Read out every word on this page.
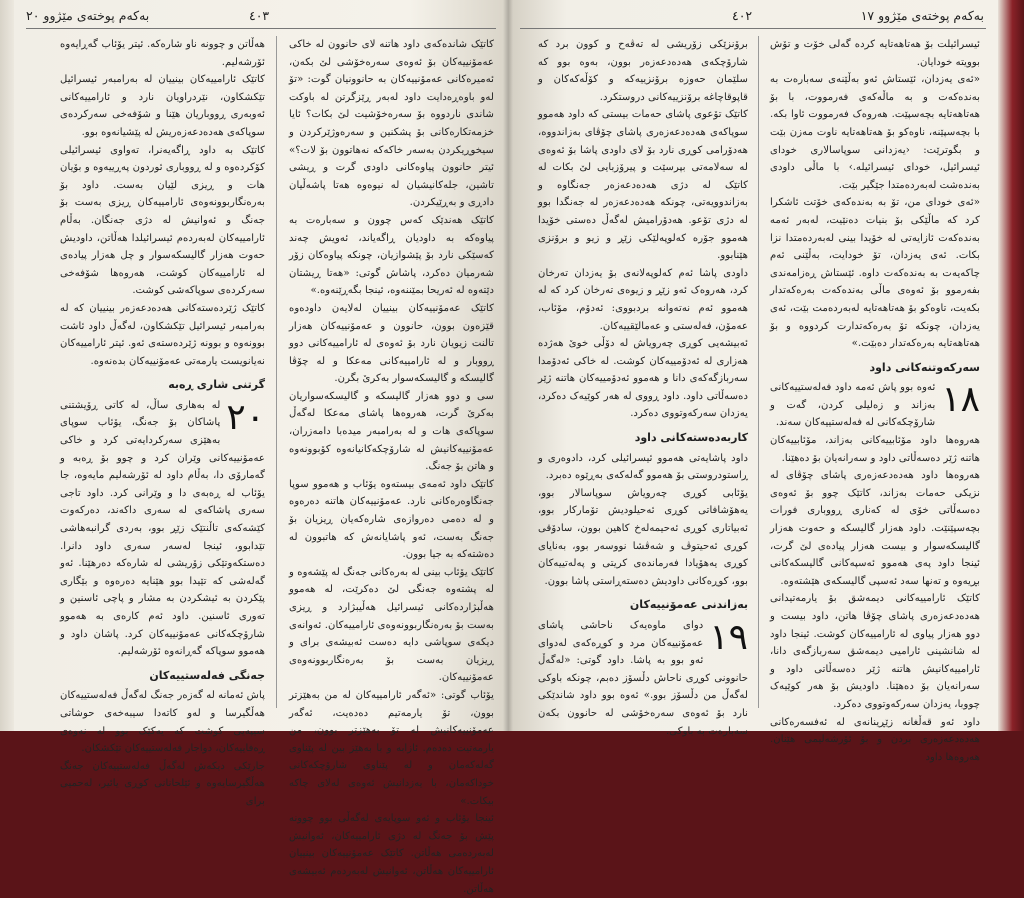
بەکەم پوختەی مێژوو ٢٠	٤٠٣

کاتێک شاندەکەی داود هاتنە لای حانوون لە خاکی عەمۆنییەکان بۆ ئەوەی سەرەخۆشی لێ بکەن، ئەمیرەکانی عەمۆنییەکان بە حانوونیان گوت: «تۆ لەو باوەڕەدایت داود لەبەر ڕێزگرتن لە باوکت شاندی ناردووە بۆ سەرەخۆشیت لێ بکات؟ ئایا خزمەتکارەکانی بۆ پشکنین و سەرەوژێرکردن و سیخوڕیکردن بەسەر خاکەکە نەهاتوون بۆ لات؟» ئیتر حانوون پیاوەکانی داودی گرت و ڕیشی تاشین، جلەکانیشیان لە نیوەوە هەتا پاشەڵیان دادڕی و بەڕێیکردن.

کاتێک هەندێک کەس چوون و سەبارەت بە پیاوەکە بە داودیان ڕاگەیاند، ئەویش چەند کەسێکی نارد بۆ پێشوازیان، چونکە پیاوەکان زۆر شەرمیان دەکرد، پاشاش گوتی: «هەتا ڕیشتان دێتەوە لە ئەریحا بمێننەوە، ئینجا بگەڕێنەوە.»

کاتێک عەمۆنییەکان بینییان لەلایەن داودەوە قێزەون بوون، حانوون و عەمۆنییەکان هەزار تالنت زیویان نارد بۆ ئەوەی لە ئارامییەکانی دوو ڕووبار و لە ئارامییەکانی مەعکا و لە چۆڤا گالیسکە و گالیسکەسوار بەکرێ بگرن.

سی و دوو هەزار گالیسکە و گالیسکەسواریان بەکرێ گرت، هەروەها پاشای مەعکا لەگەڵ سوپاکەی هات و لە بەرامبەر میدەبا دامەزران، عەمۆنییەکانیش لە شارۆچکەکانیانەوە کۆبوونەوە و هاتن بۆ جەنگ.

کاتێک داود ئەمەی بیستەوە یۆئاب و هەموو سوپا جەنگاوەرەکانی نارد. عەمۆنییەکان هاتنە دەرەوە و لە دەمی دەروازەی شارەکەیان ڕیزیان بۆ جەنگ بەست، ئەو پاشایانەش کە هاتبوون لە دەشتەکە بە جیا بوون.

کاتێک یۆئاب بینی لە بەرەکانی جەنگ لە پێشەوە و لە پشتەوە جەنگی لێ دەکرێت، لە هەموو هەڵبژاردەکانی ئیسرائیل هەڵیبژارد و ڕیزی بەست بۆ بەرەنگاربوونەوەی ئارامییەکان. ئەوانەی دیکەی سوپاشی دایە دەست ئەبیشەی برای و ڕیزیان بەست بۆ بەرەنگاربوونەوەی عەمۆنییەکان.

یۆئاب گوتی: «ئەگەر ئارامییەکان لە من بەهێزتر بوون، تۆ یارمەتیم دەدەیت، ئەگەر عەمۆنییەکانیش لە تۆ بەهێزتر بوون، من یارمەتیت دەدەم. ئازابە و با بەهێز بین لە پێناوی گەلەکەمان و لە پێناوی شارۆچکەکانی خوداکەمان، با یەزدانیش ئەوەی لەلای چاکە بیکات.»

ئینجا یۆئاب و ئەو سوپایەی لەگەڵی بوو چوونە پێش بۆ جەنگ لە دژی ئارامییەکان، ئەوانیش لەبەردەمی هەڵاتن. کاتێک عەمۆنییەکان بینییان ئارامییەکان هەڵاتن، ئەوانیش لەبەردەم ئەبیشەی هەڵاتن.

هەڵاتن و چوونە ناو شارەکە. ئیتر یۆئاب گەڕایەوە ئۆرشەلیم.

کاتێک ئارامییەکان بینییان لە بەرامبەر ئیسرائیل تێکشکاون، نێردراویان نارد و ئارامییەکانی ئەوبەری ڕووباریان هێنا و شۆفەخی سەرکردەی سوپاکەی هەدەدعەزەریش لە پێشیانەوە بوو.

کاتێک بە داود ڕاگەیەنرا، تەواوی ئیسرائیلی کۆکردەوە و لە ڕووباری ئوردون پەڕییەوە و بۆیان هات و ڕیزی لێیان بەست. داود بۆ بەرەنگاربوونەوەی ئارامییەکان ڕیزی بەست بۆ جەنگ و ئەوانیش لە دژی جەنگان. بەڵام ئارامییەکان لەبەردەم ئیسرائیلدا هەڵاتن، داودیش حەوت هەزار گالیسکەسوار و چل هەزار پیادەی لە ئارامییەکان کوشت، هەروەها شۆفەخی سەرکردەی سوپاکەشی کوشت.

کاتێک ژێردەستەکانی هەدەدعەزەر بینییان کە لە بەرامبەر ئیسرائیل تێکشکاون، لەگەڵ داود ئاشت بوونەوە و بوونە ژێردەستەی ئەو. ئیتر ئارامییەکان نەیانویست یارمەتی عەمۆنییەکان بدەنەوە.

گرتنی شاری ڕەبە

٢٠
لە بەهاری ساڵ، لە کاتی ڕۆیشتنی پاشاکان بۆ جەنگ، یۆئاب سوپای بەهێزی سەرکردایەتی کرد و خاکی عەمۆنییەکانی وێران کرد و چوو بۆ ڕەبە و گەمارۆی دا، بەڵام داود لە ئۆرشەلیم مایەوە، جا یۆئاب لە ڕەبەی دا و وێرانی کرد. داود تاجی سەری پاشاکەی لە سەری داکەند، دەرکەوت کێشەکەی تاڵنتێک زێڕ بوو، بەردی گرانبەهاشی تێدابوو، ئینجا لەسەر سەری داود دانرا. دەستکەوتێکی زۆریشی لە شارەکە دەرهێنا. ئەو گەلەشی کە تێیدا بوو هێنایە دەرەوە و بێگاری پێکردن بە ئیشکردن بە مشار و پاچی ئاسنین و تەوری ئاسنین. داود ئەم کارەی بە هەموو شارۆچکەکانی عەمۆنییەکان کرد. پاشان داود و هەموو سوپاکە گەڕانەوە ئۆرشەلیم.

جەنگی فەلەستییەکان

پاش ئەمانە لە گەزەر جەنگ لەگەڵ فەلەستییەکان هەڵگیرسا و لەو کاتەدا سیبەخەی حوشاتی سیپەیی کوشت کە یەکێک بوو لە نەوەی ڕەفاییەکان، دواجار فەلەستییەکان تێکشکان.

جارێکی دیکەش لەگەڵ فەلەستییەکان جەنگ هەڵگیرسایەوە و ئێلحانانی کوڕی یائیر، لەحمیی برای

٤٠٢	بەکەم پوختەی مێژوو ١٧

ئیسرائیلت بۆ هەتاهەتایە کردە گەلی خۆت و تۆش بوویتە خودایان.

«ئەی یەزدان، ئێستاش ئەو بەڵێنەی سەبارەت بە بەندەکەت و بە ماڵەکەی فەرمووت، با بۆ هەتاهەتایە بچەسپێت. هەروەک فەرمووت ئاوا بکە. با بچەسپێنە، ناوەکو بۆ هەتاهەتایە ناوت مەزن بێت و بگوترێت: ‹یەزدانی سوپاسالاری خودای ئیسرائیل، خودای ئیسرائیلە.› با ماڵی داودی بەندەشت لەبەردەمتدا جێگیر بێت.

«ئەی خودای من، تۆ بە بەندەکەی خۆتت ئاشکرا کرد کە ماڵێکی بۆ بنیات دەنێیت، لەبەر ئەمە بەندەکەت ئازایەتی لە خۆیدا بینی لەبەردەمتدا نزا بکات. ئەی یەزدان، تۆ خودایت، بەڵێنی ئەم چاکەیەت بە بەندەکەت داوە. ئێستاش ڕەزامەندی بفەرموو بۆ ئەوەی ماڵی بەندەکەت بەرەکەتدار بکەیت، تاوەکو بۆ هەتاهەتایە لەبەردەمت بێت، ئەی یەزدان، چونکە تۆ بەرەکەتدارت کردووە و بۆ هەتاهەتایە بەرەکەتدار دەبێت.»

سەرکەوتنەکانی داود

١٨
ئەوە بوو پاش ئەمە داود فەلەستییەکانی بەزاند و زەلیلی کردن، گەت و شارۆچکەکانی لە فەلەستییەکان سەند.

هەروەها داود مۆئابییەکانی بەزاند، مۆئابییەکان هاتنە ژێر دەسەڵاتی داود و سەرانەیان بۆ دەهێنا.

هەروەها داود هەدەدعەزەری پاشای چۆڤای لە نزیکی حەمات بەزاند، کاتێک چوو بۆ ئەوەی دەسەڵاتی خۆی لە کەناری ڕووباری فورات بچەسپێنێت. داود هەزار گالیسکە و حەوت هەزار گالیسکەسوار و بیست هەزار پیادەی لێ گرت، ئینجا داود پەی هەموو ئەسپەکانی گالیسکەکانی بڕیەوە و تەنها سەد ئەسپی گالیسکەی هێشتەوە.

کاتێک ئارامییەکانی دیمەشق بۆ یارمەتیدانی هەدەدعەزەری پاشای چۆڤا هاتن، داود بیست و دوو هەزار پیاوی لە ئارامییەکان کوشت. ئینجا داود لە شانشینی ئارامیی دیمەشق سەربازگەی دانا، ئارامییەکانیش هاتنە ژێر دەسەڵاتی داود و سەرانەیان بۆ دەهێنا. داودیش بۆ هەر کوێیەک چووبا، یەزدان سەرکەوتووی دەکرد.

داود ئەو قەڵغانە زێڕینانەی لە ئەفسەرەکانی هەدەدعەزەری بردن و بۆ ئۆرشەلیمی هێنان. هەروەها داود

برۆنزێکی زۆریشی لە تەڤەح و کوون برد کە شارۆچکەی هەدەدعەزەر بوون، بەوە بوو کە سلێمان حەوزە برۆنزییەکە و کۆڵەکەکان و قاپوقاچاغە برۆنزییەکانی دروستکرد.

کاتێک تۆعوی پاشای حەمات بیستی کە داود هەموو سوپاکەی هەدەدعەزەری پاشای چۆڤای بەزاندووە، هەدۆرامی کوڕی نارد بۆ لای داودی پاشا بۆ ئەوەی لە سەلامەتی بپرسێت و پیرۆزبایی لێ بکات لە کاتێک لە دژی هەدەدعەزەر جەنگاوە و بەزاندوویەتی، چونکە هەدەدعەزەر لە جەنگدا بوو لە دژی تۆعو. هەدۆرامیش لەگەڵ دەستی خۆیدا هەموو جۆرە کەلوپەلێکی زێڕ و زیو و برۆنزی هێنابوو.

داودی پاشا ئەم کەلوپەلانەی بۆ یەزدان تەرخان کرد، هەروەک ئەو زێڕ و زیوەی تەرخان کرد کە لە هەموو ئەم نەتەوانە بردبووی: ئەدۆم، مۆئاب، عەمۆن، فەلەستی و عەمالێقییەکان.

ئەبیشەیی کوڕی چەرویاش لە دۆڵی خوێ هەژدە هەزاری لە ئەدۆمییەکان کوشت. لە خاکی ئەدۆمدا سەربازگەکەی دانا و هەموو ئەدۆمییەکان هاتنە ژێر دەسەڵاتی داود. داود ڕووی لە هەر کوێیەک دەکرد، یەزدان سەرکەوتووی دەکرد.

کاربەدەستەکانی داود

داود پاشایەتی هەموو ئیسرائیلی کرد، دادوەری و ڕاستودروستی بۆ هەموو گەلەکەی بەڕێوە دەبرد.

یۆئابی کوڕی چەرویاش سوپاسالار بوو، یەهۆشافاتی کوڕی ئەحیلودیش تۆمارکار بوو، ئەبیاتاری کوڕی ئەحیمەلەخ کاهین بوون، سادۆقی کوڕی ئەحیتوڤ و شەڤشا نووسەر بوو، بەنایای کوڕی یەهۆیادا فەرماندەی کریتی و پەلەتییەکان بوو، کوڕەکانی داودیش دەستەڕاستی پاشا بوون.

بەزاندنی عەمۆنییەکان

١٩
دوای ماوەیەک ناحاشی پاشای عەمۆنییەکان مرد و کوڕەکەی لەدوای ئەو بوو بە پاشا. داود گوتی: «لەگەڵ حانوونی کوڕی ناحاش دڵسۆز دەبم، چونکە باوکی لەگەڵ من دڵسۆز بوو.» ئەوە بوو داود شاندێکی نارد بۆ ئەوەی سەرەخۆشی لە حانوون بکەن سەبارەت بە باوکی.
